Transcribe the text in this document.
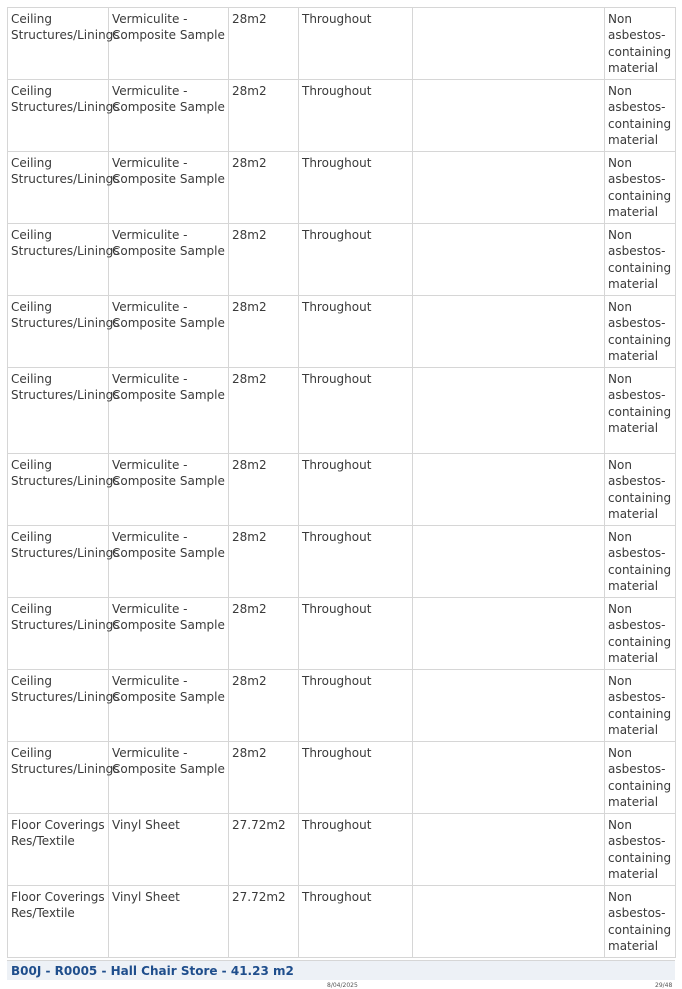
Ceiling Structures/Linings	Vermiculite - Composite Sample	28m2	Throughout		Non asbestos-containing material
Ceiling Structures/Linings	Vermiculite - Composite Sample	28m2	Throughout		Non asbestos-containing material
Ceiling Structures/Linings	Vermiculite - Composite Sample	28m2	Throughout		Non asbestos-containing material
Ceiling Structures/Linings	Vermiculite - Composite Sample	28m2	Throughout		Non asbestos-containing material
Ceiling Structures/Linings	Vermiculite - Composite Sample	28m2	Throughout		Non asbestos-containing material
Ceiling Structures/Linings	Vermiculite - Composite Sample	28m2	Throughout		Non asbestos-containing material
Ceiling Structures/Linings	Vermiculite - Composite Sample	28m2	Throughout		Non asbestos-containing material
Ceiling Structures/Linings	Vermiculite - Composite Sample	28m2	Throughout		Non asbestos-containing material
Ceiling Structures/Linings	Vermiculite - Composite Sample	28m2	Throughout		Non asbestos-containing material
Ceiling Structures/Linings	Vermiculite - Composite Sample	28m2	Throughout		Non asbestos-containing material
Ceiling Structures/Linings	Vermiculite - Composite Sample	28m2	Throughout		Non asbestos-containing material
Floor Coverings Res/Textile	Vinyl Sheet	27.72m2	Throughout		Non asbestos-containing material
Floor Coverings Res/Textile	Vinyl Sheet	27.72m2	Throughout		Non asbestos-containing material
B00J - R0005 - Hall Chair Store - 41.23 m2
8/04/2025	29/48
